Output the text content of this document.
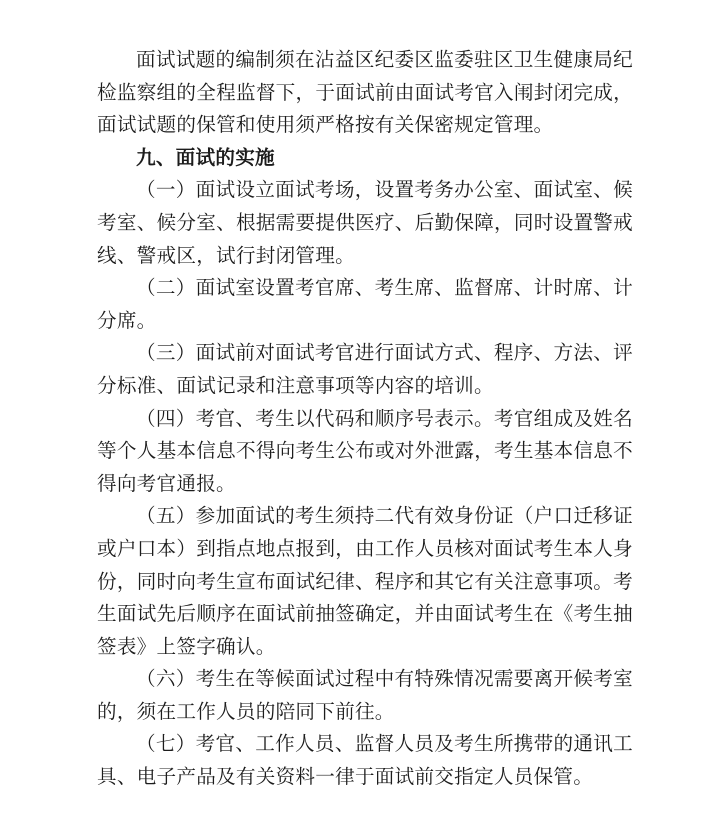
面试试题的编制须在沾益区纪委区监委驻区卫生健康局纪检监察组的全程监督下，于面试前由面试考官入闱封闭完成，面试试题的保管和使用须严格按有关保密规定管理。

九、面试的实施

（一）面试设立面试考场，设置考务办公室、面试室、候考室、候分室、根据需要提供医疗、后勤保障，同时设置警戒线、警戒区，试行封闭管理。

（二）面试室设置考官席、考生席、监督席、计时席、计分席。

（三）面试前对面试考官进行面试方式、程序、方法、评分标准、面试记录和注意事项等内容的培训。

（四）考官、考生以代码和顺序号表示。考官组成及姓名等个人基本信息不得向考生公布或对外泄露，考生基本信息不得向考官通报。

（五）参加面试的考生须持二代有效身份证（户口迁移证或户口本）到指点地点报到，由工作人员核对面试考生本人身份，同时向考生宣布面试纪律、程序和其它有关注意事项。考生面试先后顺序在面试前抽签确定，并由面试考生在《考生抽签表》上签字确认。

（六）考生在等候面试过程中有特殊情况需要离开候考室的，须在工作人员的陪同下前往。

（七）考官、工作人员、监督人员及考生所携带的通讯工具、电子产品及有关资料一律于面试前交指定人员保管。
